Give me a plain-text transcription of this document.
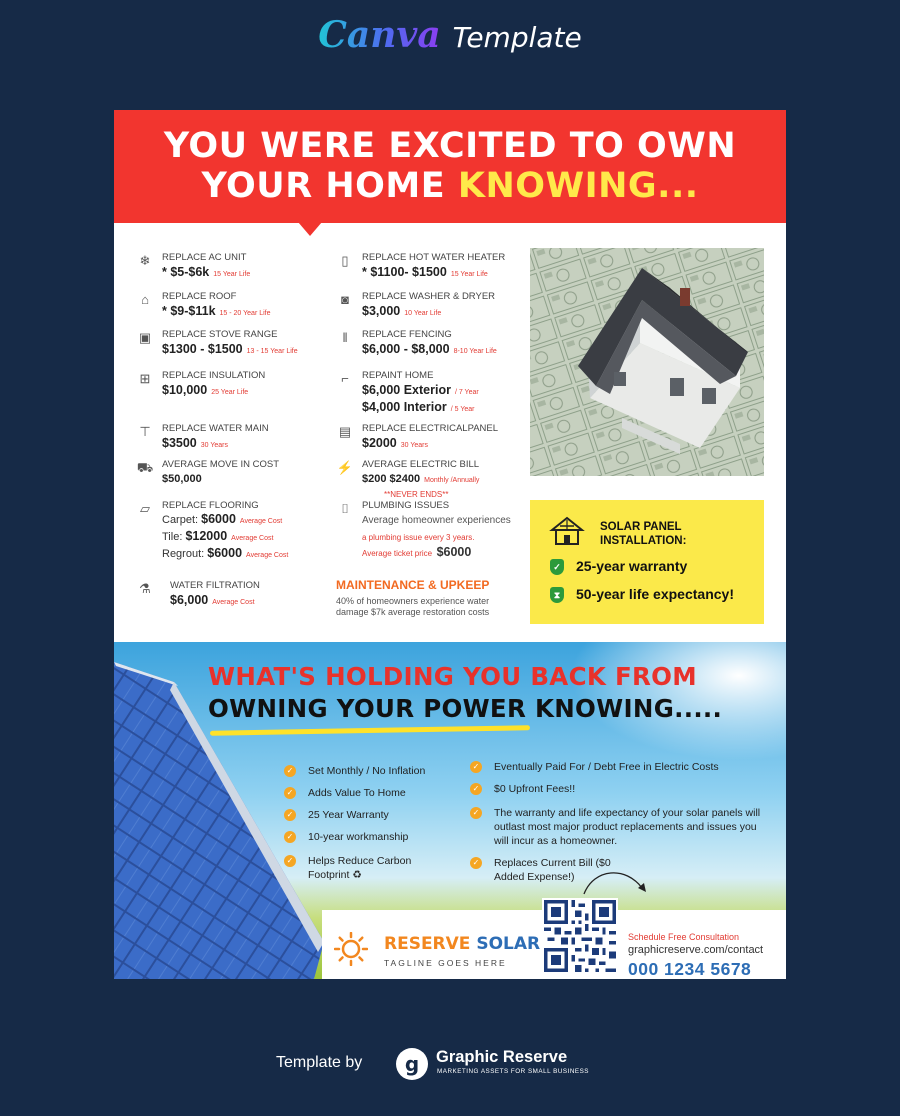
Canva Template
YOU WERE EXCITED TO OWN
YOUR HOME KNOWING...
❄	REPLACE AC UNIT
* $5-$6k 15 Year Life
⌂	REPLACE ROOF
* $9-$11k 15 - 20 Year Life
▣	REPLACE STOVE RANGE
$1300 - $1500 13 - 15 Year Life
⊞	REPLACE INSULATION
$10,000 25 Year Life
⊤	REPLACE WATER MAIN
$3500 30 Years
⛟ AVERAGE MOVE IN COST
$50,000
▱	REPLACE FLOORING
Carpet: $6000 Average Cost
Tile: $12000 Average Cost
Regrout: $6000 Average Cost
⚗	WATER FILTRATION
$6,000 Average Cost
▯	REPLACE HOT WATER HEATER
* $1100- $1500 15 Year Life
◙	REPLACE WASHER & DRYER
$3,000 10 Year Life
‖	REPLACE FENCING
$6,000 - $8,000 8-10 Year Life
⌐	REPAINT HOME
$6,000 Exterior / 7 Year
$4,000 Interior / 5 Year
▤	REPLACE ELECTRICALPANEL
$2000 30 Years
⚡ AVERAGE ELECTRIC BILL
$200 $2400 Monthly /Annually
**NEVER ENDS**
⌷	PLUMBING ISSUES
Average homeowner experiences
a plumbing issue every 3 years.
Average ticket price $6000
MAINTENANCE & UPKEEP
40% of homeowners experience water
damage $7k average restoration costs
SOLAR PANEL
INSTALLATION:
✓ 25-year warranty
⧗ 50-year life expectancy!
WHAT'S HOLDING YOU BACK FROM
OWNING YOUR POWER KNOWING.....
✓ Set Monthly / No Inflation
✓ Adds Value To Home
✓ 25 Year Warranty
✓ 10-year workmanship
✓ Helps Reduce Carbon Footprint ♻
✓ Eventually Paid For / Debt Free in Electric Costs
✓ $0 Upfront Fees!!
✓ The warranty and life expectancy of your solar panels will outlast most major product replacements and issues you will incur as a homeowner.
✓ Replaces Current Bill ($0 Added Expense!)
RESERVE SOLAR
TAGLINE GOES HERE
Schedule Free Consultation
graphicreserve.com/contact
000 1234 5678
Template by	g	Graphic Reserve
MARKETING ASSETS FOR SMALL BUSINESS
